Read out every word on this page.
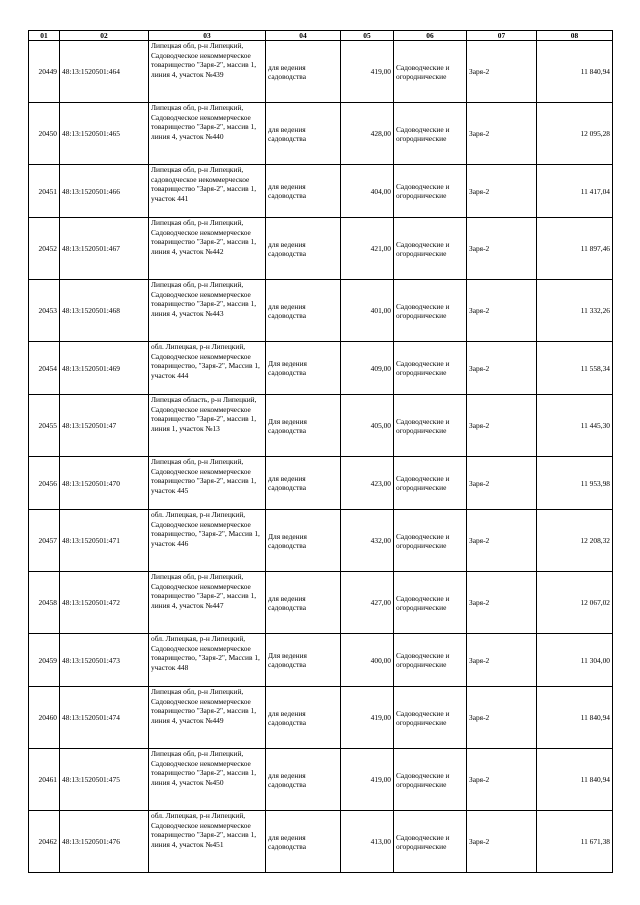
01	02	03	04	05	06	07	08

20449	48:13:1520501:464	Липецкая обл, р-н Липецкий, Садоводческое некоммерческое товарищество "Заря-2", массив 1, линия 4, участок №439	для ведения садоводства	419,00	Садоводческие и огороднические	Заря-2	11 840,94

20450	48:13:1520501:465	Липецкая обл, р-н Липецкий, Садоводческое некоммерческое товарищество "Заря-2", массив 1, линия 4, участок №440	для ведения садоводства	428,00	Садоводческие и огороднические	Заря-2	12 095,28

20451	48:13:1520501:466	Липецкая обл, р-н Липецкий, садоводческое некоммерческое товарищество "Заря-2", массив 1, участок 441	для ведения садоводства	404,00	Садоводческие и огороднические	Заря-2	11 417,04

20452	48:13:1520501:467	Липецкая обл, р-н Липецкий, Садоводческое некоммерческое товарищество "Заря-2", массив 1, линия 4, участок №442	для ведения садоводства	421,00	Садоводческие и огороднические	Заря-2	11 897,46

20453	48:13:1520501:468	Липецкая обл, р-н Липецкий, Садоводческое некоммерческое товарищество "Заря-2", массив 1, линия 4, участок №443	для ведения садоводства	401,00	Садоводческие и огороднические	Заря-2	11 332,26

20454	48:13:1520501:469	обл. Липецкая, р-н Липецкий, Садоводческое некоммерческое товарищество, "Заря-2", Массив 1, участок 444	Для ведения садоводства	409,00	Садоводческие и огороднические	Заря-2	11 558,34

20455	48:13:1520501:47	Липецкая область, р-н Липецкий, Садоводческое некоммерческое товарищество "Заря-2", массив 1, линия 1, участок №13	Для ведения садоводства	405,00	Садоводческие и огороднические	Заря-2	11 445,30

20456	48:13:1520501:470	Липецкая обл, р-н Липецкий, Садоводческое некоммерческое товарищество "Заря-2", массив 1, участок 445	для ведения садоводства	423,00	Садоводческие и огороднические	Заря-2	11 953,98

20457	48:13:1520501:471	обл. Липецкая, р-н Липецкий, Садоводческое некоммерческое товарищество, "Заря-2", Массив 1, участок 446	Для ведения садоводства	432,00	Садоводческие и огороднические	Заря-2	12 208,32

20458	48:13:1520501:472	Липецкая обл, р-н Липецкий, Садоводческое некоммерческое товарищество "Заря-2", массив 1, линия 4, участок №447	для ведения садоводства	427,00	Садоводческие и огороднические	Заря-2	12 067,02

20459	48:13:1520501:473	обл. Липецкая, р-н Липецкий, Садоводческое некоммерческое товарищество, "Заря-2", Массив 1, участок 448	Для ведения садоводства	400,00	Садоводческие и огороднические	Заря-2	11 304,00

20460	48:13:1520501:474	Липецкая обл, р-н Липецкий, Садоводческое некоммерческое товарищество "Заря-2", массив 1, линия 4, участок №449	для ведения садоводства	419,00	Садоводческие и огороднические	Заря-2	11 840,94

20461	48:13:1520501:475	Липецкая обл, р-н Липецкий, Садоводческое некоммерческое товарищество "Заря-2", массив 1, линия 4, участок №450	для ведения садоводства	419,00	Садоводческие и огороднические	Заря-2	11 840,94

20462	48:13:1520501:476	обл. Липецкая, р-н Липецкий, Садоводческое некоммерческое товарищество "Заря-2", массив 1, линия 4, участок №451	для ведения садоводства	413,00	Садоводческие и огороднические	Заря-2	11 671,38
